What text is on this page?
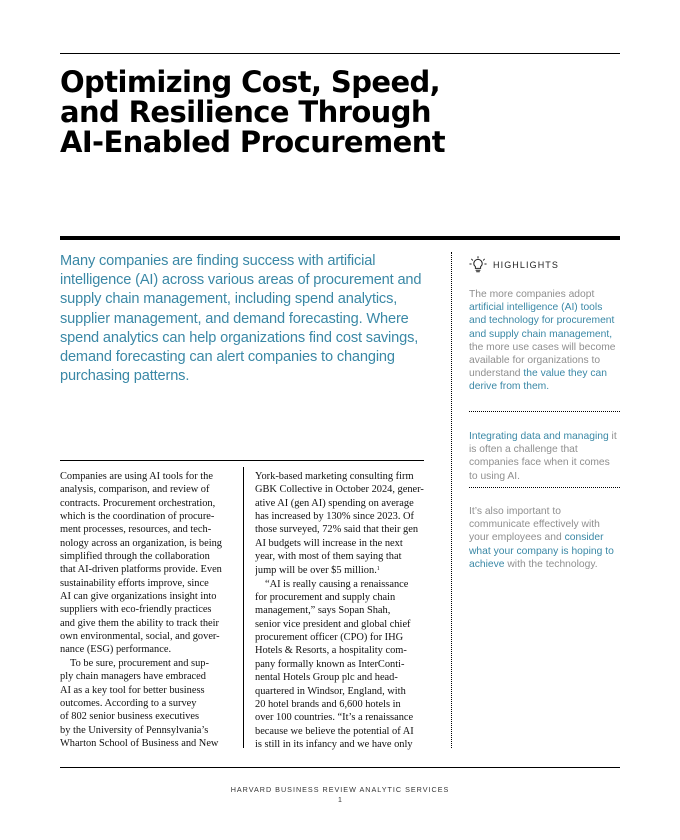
Optimizing Cost, Speed,
and Resilience Through
AI-Enabled Procurement

Many companies are finding success with artificial intelligence (AI) across various areas of procurement and supply chain management, including spend analytics, supplier management, and demand forecasting. Where spend analytics can help organizations find cost savings, demand forecasting can alert companies to changing purchasing patterns.

HIGHLIGHTS

The more companies adopt artificial intelligence (AI) tools and technology for procurement and supply chain management, the more use cases will become available for organizations to understand the value they can derive from them.

Integrating data and managing it is often a challenge that companies face when it comes to using AI.

It’s also important to communicate effectively with your employees and consider what your company is hoping to achieve with the technology.

Companies are using AI tools for the
analysis, comparison, and review of
contracts. Procurement orchestration,
which is the coordination of procure-
ment processes, resources, and tech-
nology across an organization, is being
simplified through the collaboration
that AI-driven platforms provide. Even
sustainability efforts improve, since
AI can give organizations insight into
suppliers with eco-friendly practices
and give them the ability to track their
own environmental, social, and gover-
nance (ESG) performance.

To be sure, procurement and sup-
ply chain managers have embraced
AI as a key tool for better business
outcomes. According to a survey
of 802 senior business executives
by the University of Pennsylvania’s
Wharton School of Business and New

York-based marketing consulting firm
GBK Collective in October 2024, gener-
ative AI (gen AI) spending on average
has increased by 130% since 2023. Of
those surveyed, 72% said that their gen
AI budgets will increase in the next
year, with most of them saying that
jump will be over $5 million.$^1$

“AI is really causing a renaissance
for procurement and supply chain
management,” says Sopan Shah,
senior vice president and global chief
procurement officer (CPO) for IHG
Hotels & Resorts, a hospitality com-
pany formally known as InterConti-
nental Hotels Group plc and head-
quartered in Windsor, England, with
20 hotel brands and 6,600 hotels in
over 100 countries. “It’s a renaissance
because we believe the potential of AI
is still in its infancy and we have only

HARVARD BUSINESS REVIEW ANALYTIC SERVICES
1
